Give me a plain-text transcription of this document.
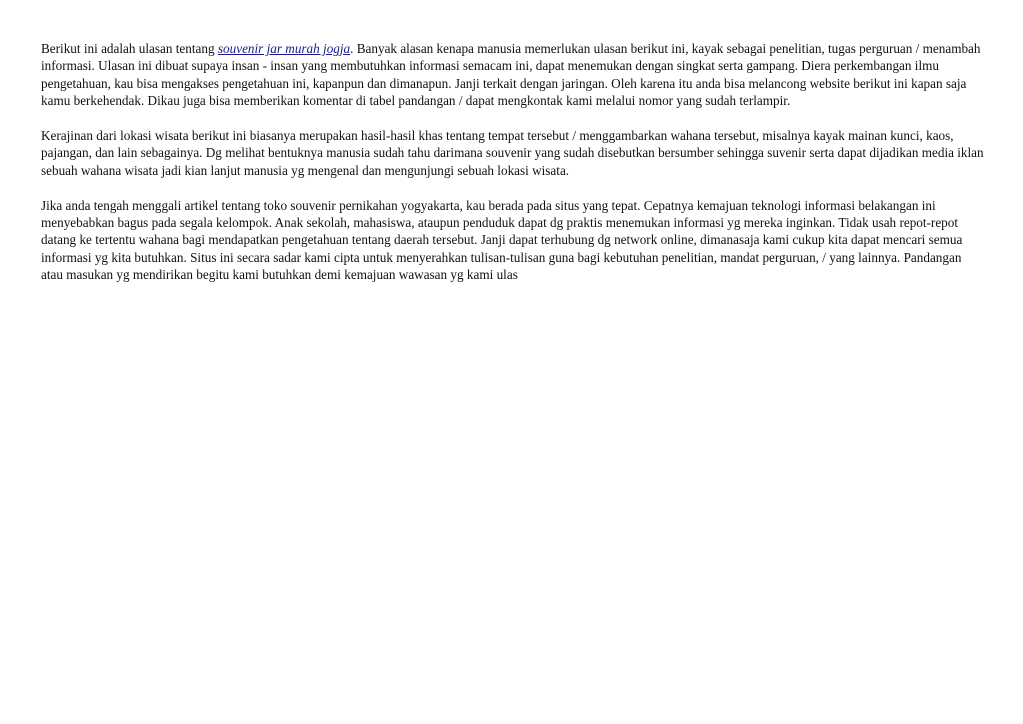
Berikut ini adalah ulasan tentang souvenir jar murah jogja. Banyak alasan kenapa manusia memerlukan ulasan berikut ini, kayak sebagai penelitian, tugas perguruan / menambah informasi. Ulasan ini dibuat supaya insan - insan yang membutuhkan informasi semacam ini, dapat menemukan dengan singkat serta gampang. Diera perkembangan ilmu pengetahuan, kau bisa mengakses pengetahuan ini, kapanpun dan dimanapun. Janji terkait dengan jaringan. Oleh karena itu anda bisa melancong website berikut ini kapan saja kamu berkehendak. Dikau juga bisa memberikan komentar di tabel pandangan / dapat mengkontak kami melalui nomor yang sudah terlampir.

Kerajinan dari lokasi wisata berikut ini biasanya merupakan hasil-hasil khas tentang tempat tersebut / menggambarkan wahana tersebut, misalnya kayak mainan kunci, kaos, pajangan, dan lain sebagainya. Dg melihat bentuknya manusia sudah tahu darimana souvenir yang sudah disebutkan bersumber sehingga suvenir serta dapat dijadikan media iklan sebuah wahana wisata jadi kian lanjut manusia yg mengenal dan mengunjungi sebuah lokasi wisata.

Jika anda tengah menggali artikel tentang toko souvenir pernikahan yogyakarta, kau berada pada situs yang tepat. Cepatnya kemajuan teknologi informasi belakangan ini menyebabkan bagus pada segala kelompok. Anak sekolah, mahasiswa, ataupun penduduk dapat dg praktis menemukan informasi yg mereka inginkan. Tidak usah repot-repot datang ke tertentu wahana bagi mendapatkan pengetahuan tentang daerah tersebut. Janji dapat terhubung dg network online, dimanasaja kami cukup kita dapat mencari semua informasi yg kita butuhkan. Situs ini secara sadar kami cipta untuk menyerahkan tulisan-tulisan guna bagi kebutuhan penelitian, mandat perguruan, / yang lainnya. Pandangan atau masukan yg mendirikan begitu kami butuhkan demi kemajuan wawasan yg kami ulas
